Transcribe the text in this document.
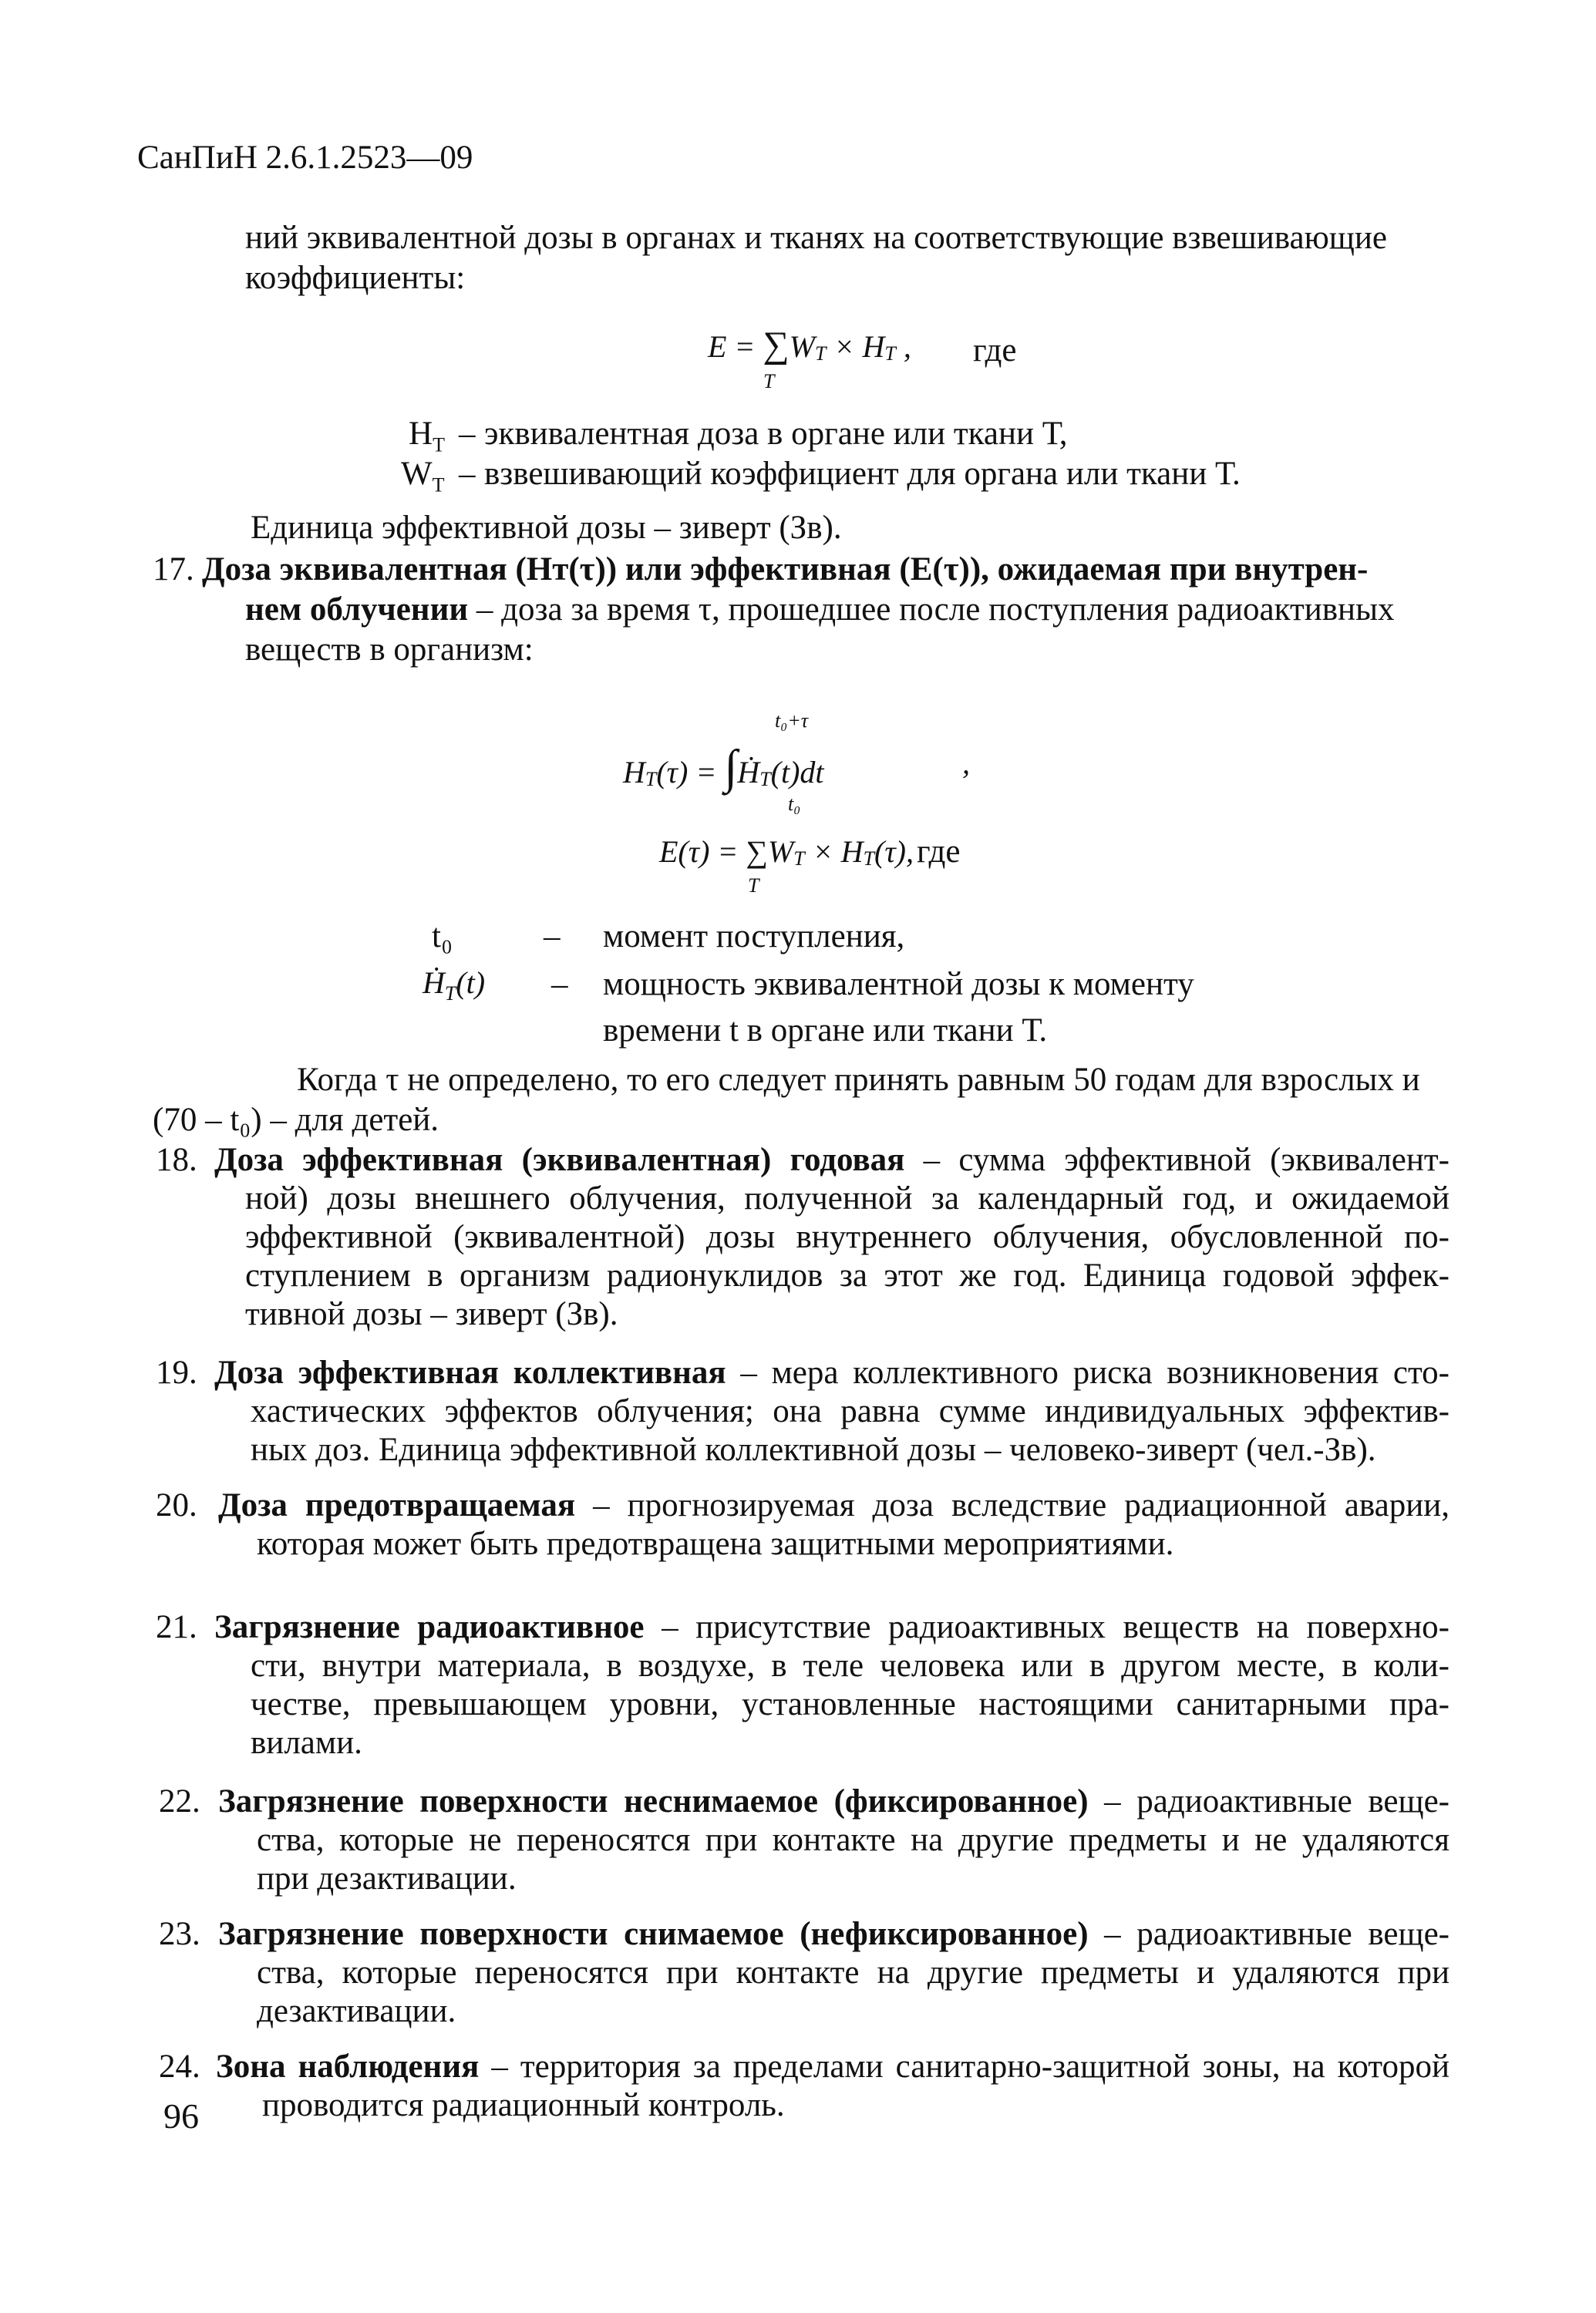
СанПиН 2.6.1.2523—09
ний эквивалентной дозы в органах и тканях на соответствующие взвешивающие
коэффициенты:
$E = \sum W_T \times H_T$ ,
T
где
$H_T$ – эквивалентная доза в органе или ткани Т,
$W_T$ – взвешивающий коэффициент для органа или ткани Т.
Единица эффективной дозы – зиверт (Зв).
17. Доза эквивалентная (Hт(τ)) или эффективная (E(τ)), ожидаемая при внутрен-
нем облучении – доза за время τ, прошедшее после поступления радиоактивных
веществ в организм:
t₀+τ
$H_T(\tau)$ = ∫Ḣ$_T$(t)dt	,
t₀
$E(\tau) = \sum W_T \times H_T(\tau)$, где
T
t₀	– момент поступления,
Ḣ$_T$(t) – мощность эквивалентной дозы к моменту
времени t в органе или ткани Т.
Когда τ не определено, то его следует принять равным 50 годам для взрослых и
(70 – t₀) – для детей.
18. Доза эффективная (эквивалентная) годовая – сумма эффективной (эквивалент-
ной) дозы внешнего облучения, полученной за календарный год, и ожидаемой
эффективной (эквивалентной) дозы внутреннего облучения, обусловленной по-
ступлением в организм радионуклидов за этот же год. Единица годовой эффек-
тивной дозы – зиверт (Зв).
19. Доза эффективная коллективная – мера коллективного риска возникновения сто-
хастических эффектов облучения; она равна сумме индивидуальных эффектив-
ных доз. Единица эффективной коллективной дозы – человеко-зиверт (чел.-Зв).
20. Доза предотвращаемая – прогнозируемая доза вследствие радиационной аварии,
которая может быть предотвращена защитными мероприятиями.
21. Загрязнение радиоактивное – присутствие радиоактивных веществ на поверхно-
сти, внутри материала, в воздухе, в теле человека или в другом месте, в коли-
честве, превышающем уровни, установленные настоящими санитарными пра-
вилами.
22. Загрязнение поверхности неснимаемое (фиксированное) – радиоактивные веще-
ства, которые не переносятся при контакте на другие предметы и не удаляются
при дезактивации.
23. Загрязнение поверхности снимаемое (нефиксированное) – радиоактивные веще-
ства, которые переносятся при контакте на другие предметы и удаляются при
дезактивации.
24. Зона наблюдения – территория за пределами санитарно-защитной зоны, на которой
проводится радиационный контроль.
96
